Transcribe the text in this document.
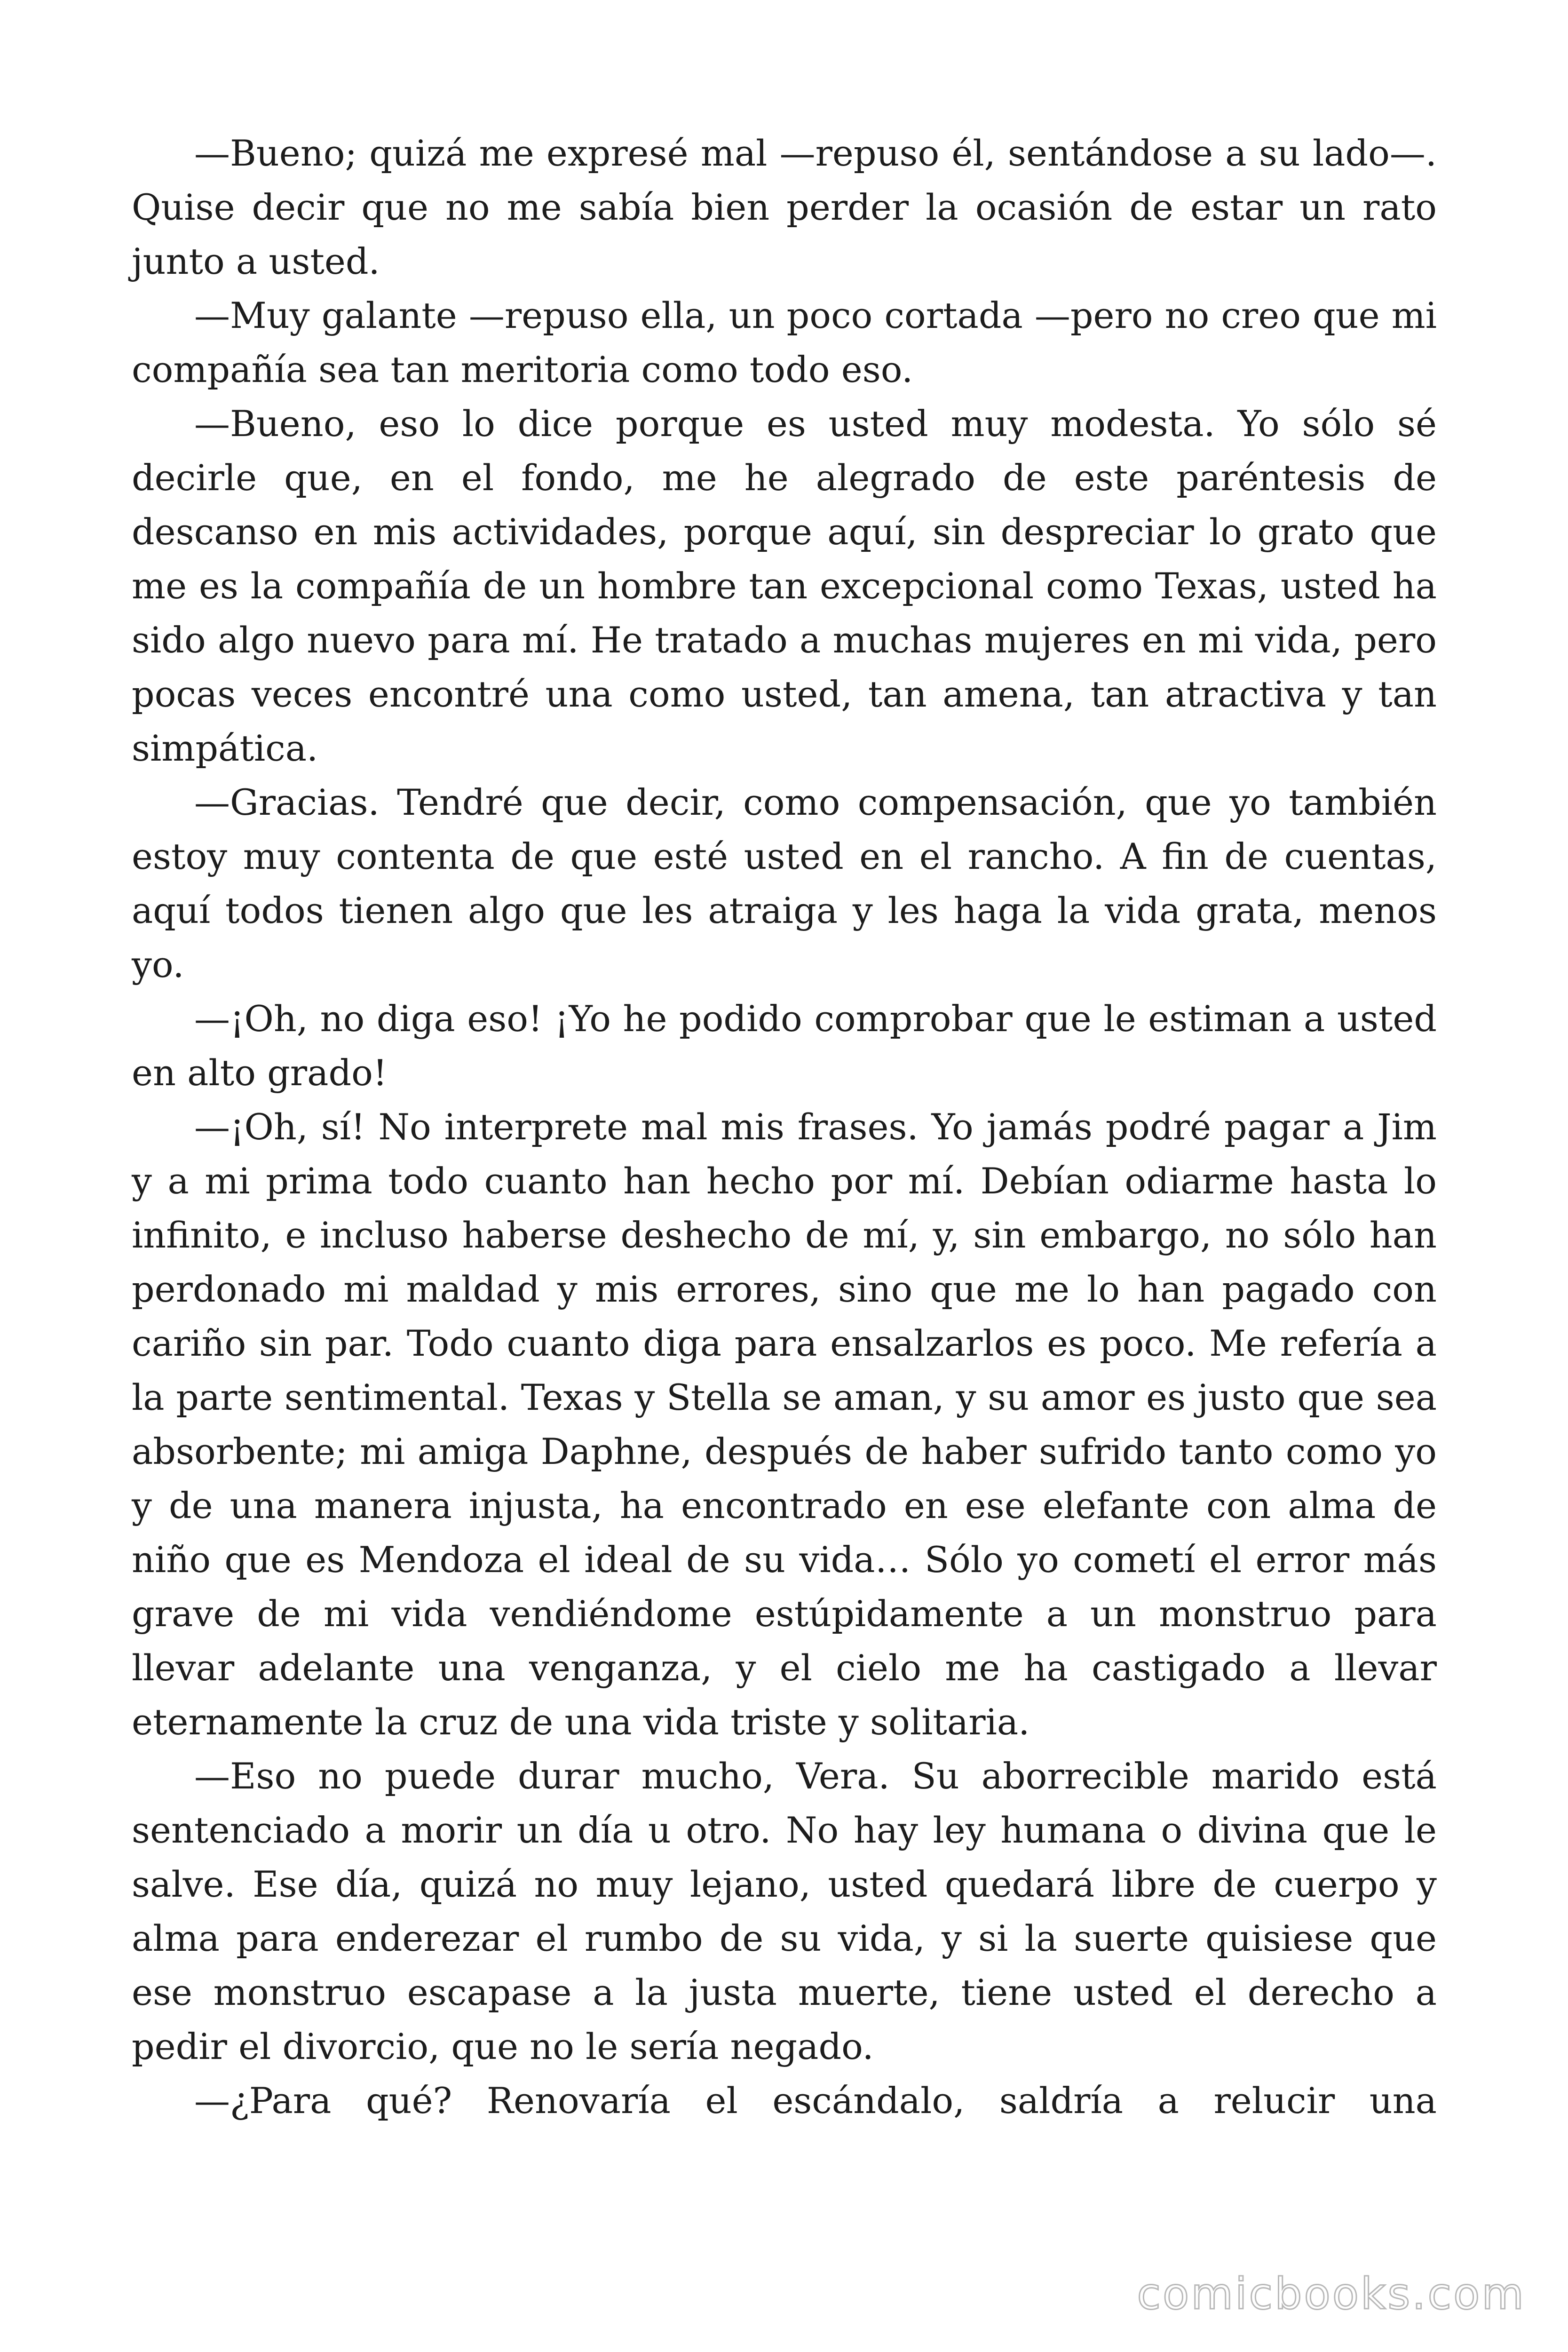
—Bueno; quizá me expresé mal —repuso él, sentándose a su lado—. Quise decir que no me sabía bien perder la ocasión de estar un rato junto a usted.

—Muy galante —repuso ella, un poco cortada —pero no creo que mi compañía sea tan meritoria como todo eso.

—Bueno, eso lo dice porque es usted muy modesta. Yo sólo sé decirle que, en el fondo, me he alegrado de este paréntesis de descanso en mis actividades, porque aquí, sin despreciar lo grato que me es la compañía de un hombre tan excepcional como Texas, usted ha sido algo nuevo para mí. He tratado a muchas mujeres en mi vida, pero pocas veces encontré una como usted, tan amena, tan atractiva y tan simpática.

—Gracias. Tendré que decir, como compensación, que yo también estoy muy contenta de que esté usted en el rancho. A fin de cuentas, aquí todos tienen algo que les atraiga y les haga la vida grata, menos yo.

—¡Oh, no diga eso! ¡Yo he podido comprobar que le estiman a usted en alto grado!

—¡Oh, sí! No interprete mal mis frases. Yo jamás podré pagar a Jim y a mi prima todo cuanto han hecho por mí. Debían odiarme hasta lo infinito, e incluso haberse deshecho de mí, y, sin embargo, no sólo han perdonado mi maldad y mis errores, sino que me lo han pagado con cariño sin par. Todo cuanto diga para ensalzarlos es poco. Me refería a la parte sentimental. Texas y Stella se aman, y su amor es justo que sea absorbente; mi amiga Daphne, después de haber sufrido tanto como yo y de una manera injusta, ha encontrado en ese elefante con alma de niño que es Mendoza el ideal de su vida… Sólo yo cometí el error más grave de mi vida vendiéndome estúpidamente a un monstruo para llevar adelante una venganza, y el cielo me ha castigado a llevar eternamente la cruz de una vida triste y solitaria.

—Eso no puede durar mucho, Vera. Su aborrecible marido está sentenciado a morir un día u otro. No hay ley humana o divina que le salve. Ese día, quizá no muy lejano, usted quedará libre de cuerpo y alma para enderezar el rumbo de su vida, y si la suerte quisiese que ese monstruo escapase a la justa muerte, tiene usted el derecho a pedir el divorcio, que no le sería negado.

—¿Para qué? Renovaría el escándalo, saldría a relucir una

comicbooks.com
